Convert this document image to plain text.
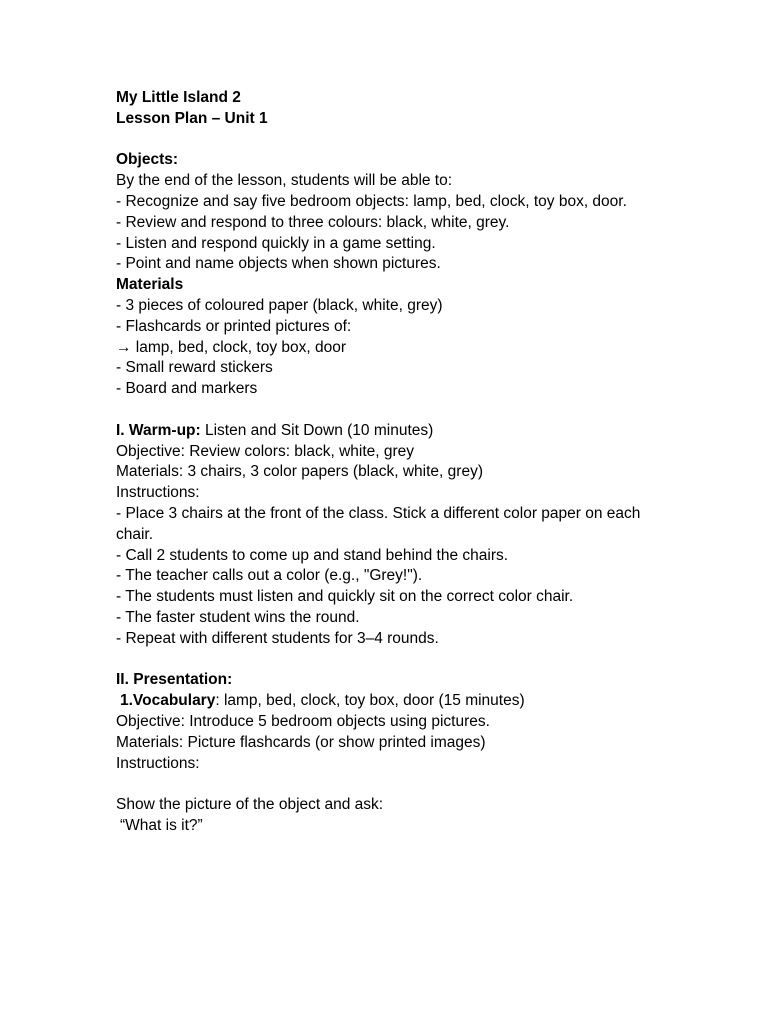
My Little Island 2

Lesson Plan – Unit 1

Objects:

By the end of the lesson, students will be able to:

- Recognize and say five bedroom objects: lamp, bed, clock, toy box, door.

- Review and respond to three colours: black, white, grey.

- Listen and respond quickly in a game setting.

- Point and name objects when shown pictures.

Materials

- 3 pieces of coloured paper (black, white, grey)

- Flashcards or printed pictures of:

→ lamp, bed, clock, toy box, door

- Small reward stickers

- Board and markers

I. Warm-up: Listen and Sit Down (10 minutes)

Objective: Review colors: black, white, grey

Materials: 3 chairs, 3 color papers (black, white, grey)

Instructions:

- Place 3 chairs at the front of the class. Stick a different color paper on each chair.

- Call 2 students to come up and stand behind the chairs.

- The teacher calls out a color (e.g., "Grey!").

- The students must listen and quickly sit on the correct color chair.

- The faster student wins the round.

- Repeat with different students for 3–4 rounds.

II. Presentation:

1.Vocabulary: lamp, bed, clock, toy box, door (15 minutes)

Objective: Introduce 5 bedroom objects using pictures.

Materials: Picture flashcards (or show printed images)

Instructions:

Show the picture of the object and ask:

“What is it?”
